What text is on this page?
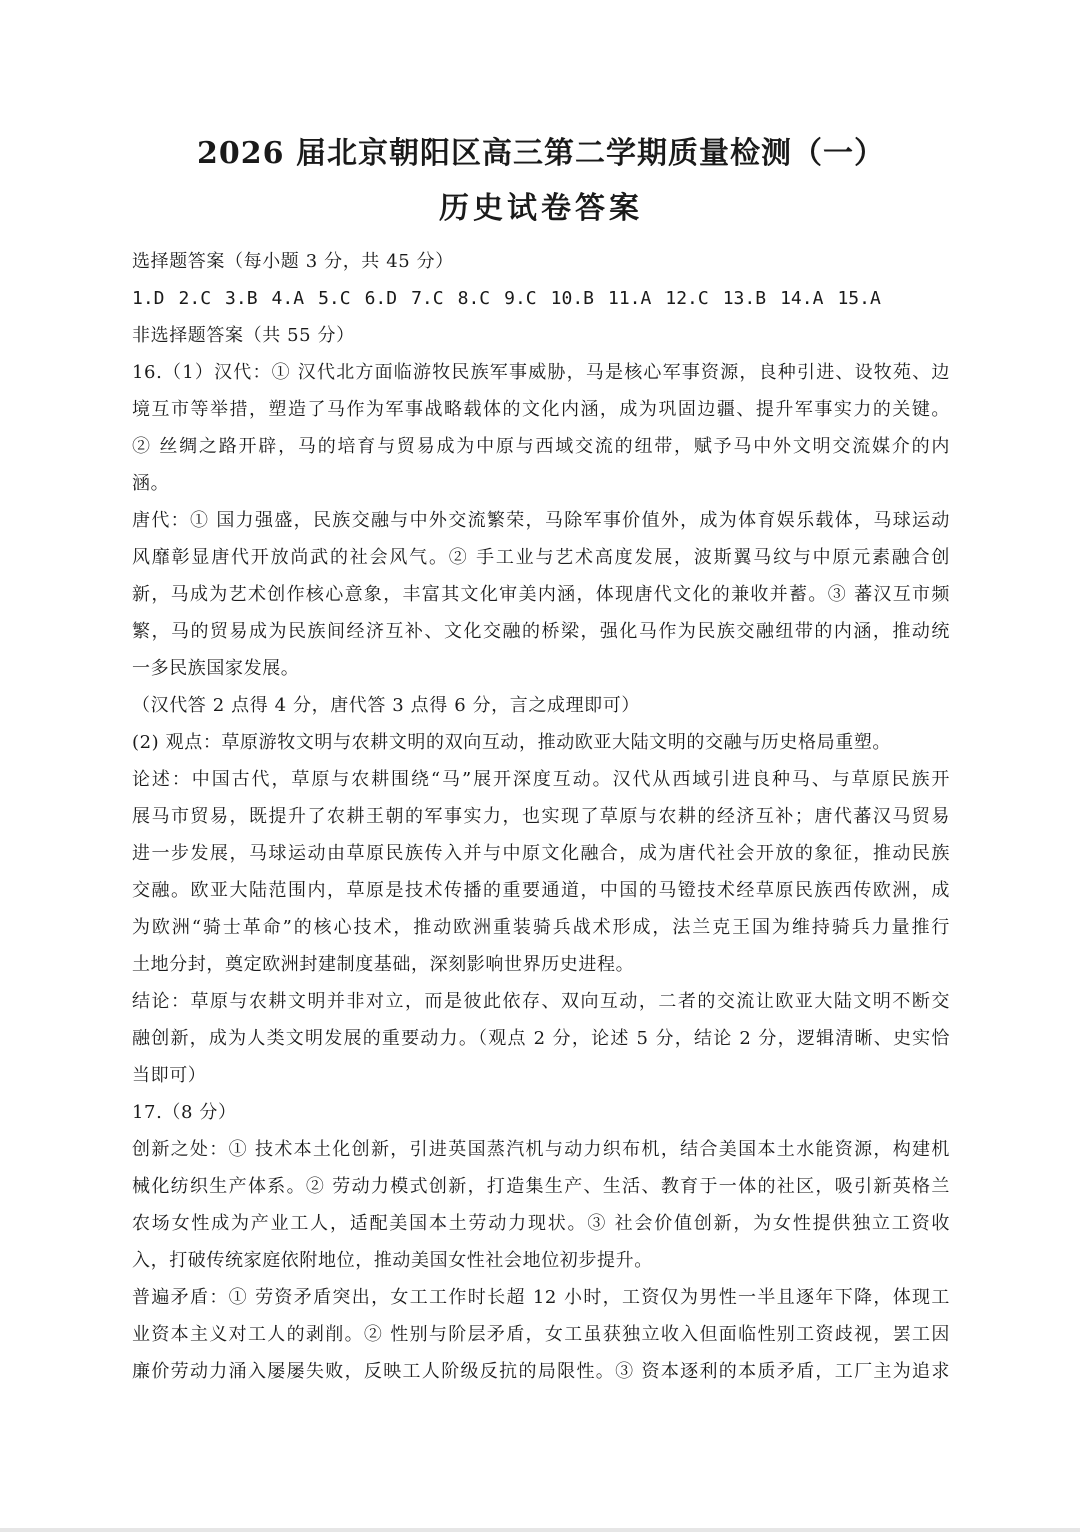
2026 届北京朝阳区高三第二学期质量检测（一）
历史试卷答案

选择题答案（每小题 3 分，共 45 分）

1.D 2.C 3.B 4.A 5.C 6.D 7.C 8.C 9.C 10.B 11.A 12.C 13.B 14.A 15.A

非选择题答案（共 55 分）

16.（1）汉代：① 汉代北方面临游牧民族军事威胁，马是核心军事资源，良种引进、设牧苑、边

境互市等举措，塑造了马作为军事战略载体的文化内涵，成为巩固边疆、提升军事实力的关键。

② 丝绸之路开辟，马的培育与贸易成为中原与西域交流的纽带，赋予马中外文明交流媒介的内

涵。

唐代：① 国力强盛，民族交融与中外交流繁荣，马除军事价值外，成为体育娱乐载体，马球运动

风靡彰显唐代开放尚武的社会风气。② 手工业与艺术高度发展，波斯翼马纹与中原元素融合创

新，马成为艺术创作核心意象，丰富其文化审美内涵，体现唐代文化的兼收并蓄。③ 蕃汉互市频

繁，马的贸易成为民族间经济互补、文化交融的桥梁，强化马作为民族交融纽带的内涵，推动统

一多民族国家发展。

（汉代答 2 点得 4 分，唐代答 3 点得 6 分，言之成理即可）

(2) 观点：草原游牧文明与农耕文明的双向互动，推动欧亚大陆文明的交融与历史格局重塑。

论述：中国古代，草原与农耕围绕“马”展开深度互动。汉代从西域引进良种马、与草原民族开

展马市贸易，既提升了农耕王朝的军事实力，也实现了草原与农耕的经济互补；唐代蕃汉马贸易

进一步发展，马球运动由草原民族传入并与中原文化融合，成为唐代社会开放的象征，推动民族

交融。欧亚大陆范围内，草原是技术传播的重要通道，中国的马镫技术经草原民族西传欧洲，成

为欧洲“骑士革命”的核心技术，推动欧洲重装骑兵战术形成，法兰克王国为维持骑兵力量推行

土地分封，奠定欧洲封建制度基础，深刻影响世界历史进程。

结论：草原与农耕文明并非对立，而是彼此依存、双向互动，二者的交流让欧亚大陆文明不断交

融创新，成为人类文明发展的重要动力。（观点 2 分，论述 5 分，结论 2 分，逻辑清晰、史实恰

当即可）

17.（8 分）

创新之处：① 技术本土化创新，引进英国蒸汽机与动力织布机，结合美国本土水能资源，构建机

械化纺织生产体系。② 劳动力模式创新，打造集生产、生活、教育于一体的社区，吸引新英格兰

农场女性成为产业工人，适配美国本土劳动力现状。③ 社会价值创新，为女性提供独立工资收

入，打破传统家庭依附地位，推动美国女性社会地位初步提升。

普遍矛盾：① 劳资矛盾突出，女工工作时长超 12 小时，工资仅为男性一半且逐年下降，体现工

业资本主义对工人的剥削。② 性别与阶层矛盾，女工虽获独立收入但面临性别工资歧视，罢工因

廉价劳动力涌入屡屡失败，反映工人阶级反抗的局限性。③ 资本逐利的本质矛盾，工厂主为追求
